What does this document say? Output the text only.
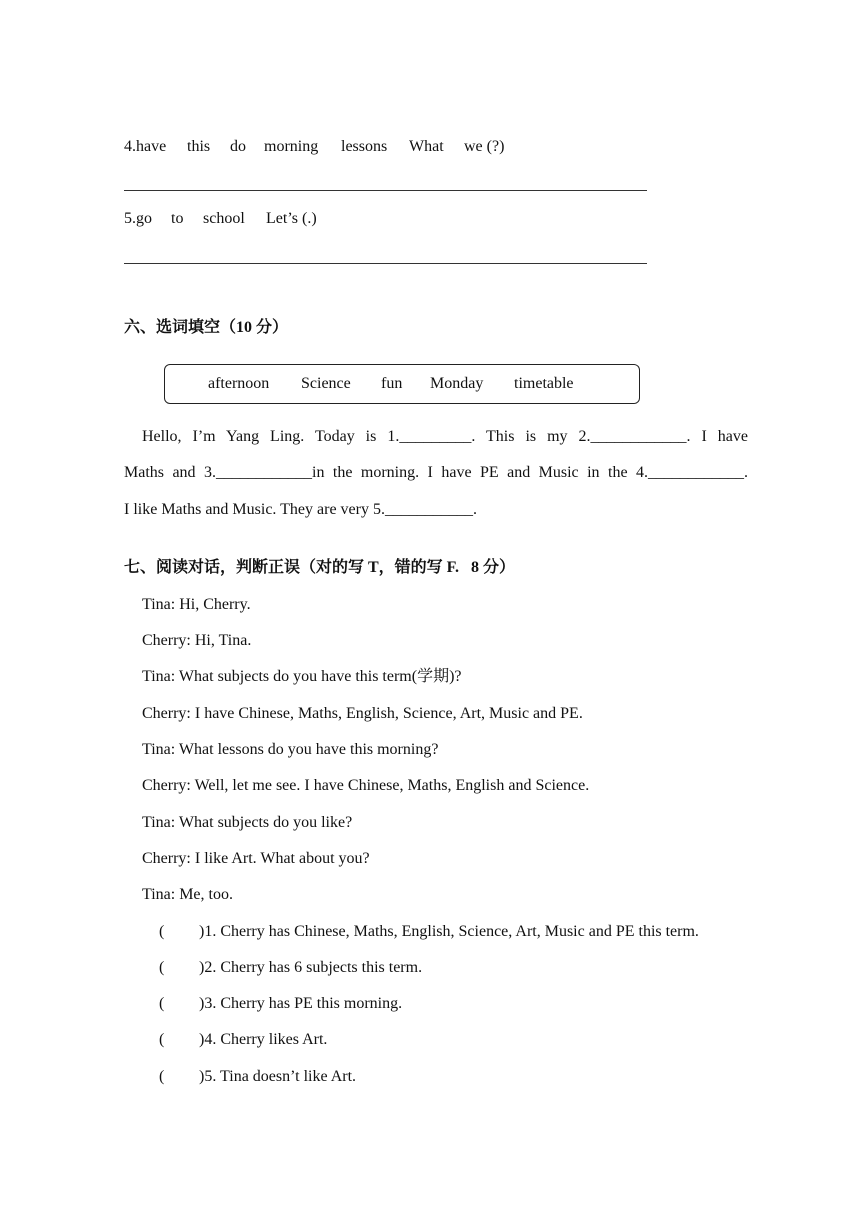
4.have this do morning lessons What we (?)
5.go to school Let’s (.)
六、选词填空（10 分）
afternoon Science fun Monday timetable
Hello, I’m Yang Ling. Today is 1._________. This is my 2.____________. I have
Maths and 3.____________in the morning. I have PE and Music in the 4.____________.
I like Maths and Music. They are very 5.___________.
七、阅读对话，判断正误（对的写 T，错的写 F.   8 分）
Tina: Hi, Cherry.
Cherry: Hi, Tina.
Tina: What subjects do you have this term(学期)?
Cherry: I have Chinese, Maths, English, Science, Art, Music and PE.
Tina: What lessons do you have this morning?
Cherry: Well, let me see. I have Chinese, Maths, English and Science.
Tina: What subjects do you like?
Cherry: I like Art. What about you?
Tina: Me, too.
( )1. Cherry has Chinese, Maths, English, Science, Art, Music and PE this term.
( )2. Cherry has 6 subjects this term.
( )3. Cherry has PE this morning.
( )4. Cherry likes Art.
( )5. Tina doesn’t like Art.
